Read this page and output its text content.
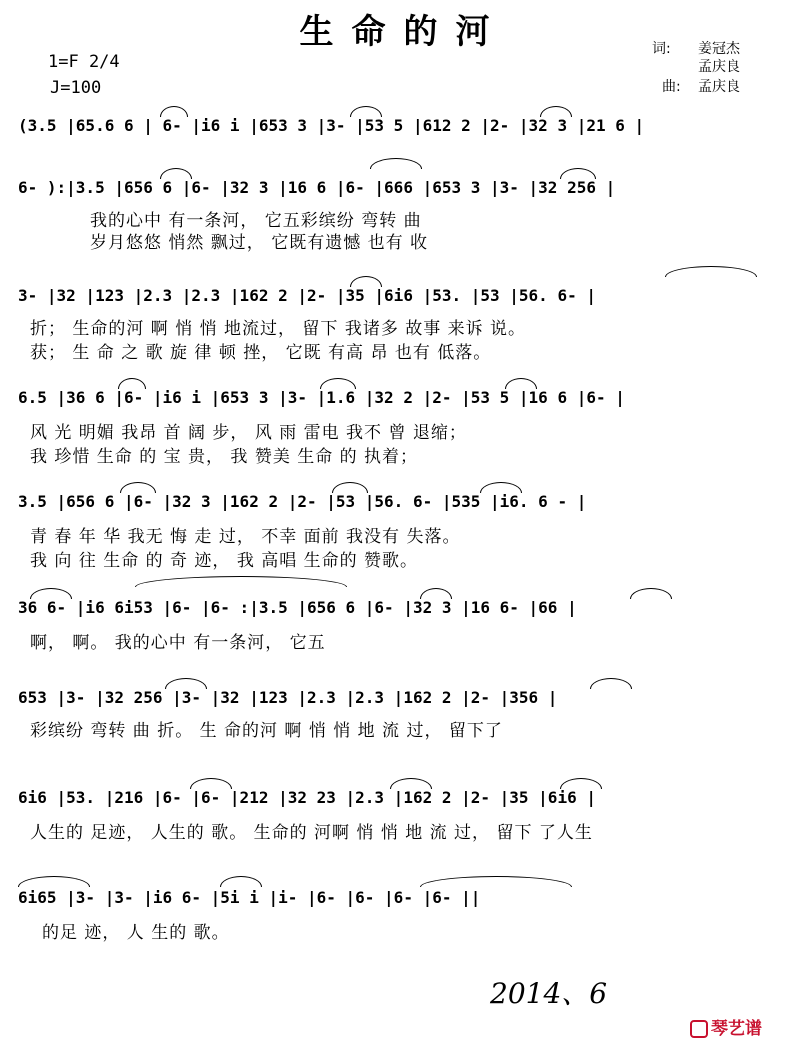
生命的河
1=F 2/4
J=100
词: 姜冠杰
孟庆良
曲: 孟庆良
(3.5 |65.6 6 | 6- |i6 i |653 3 |3- |53 5 |612 2 |2- |32 3 |21 6 |
6- ):|3.5 |656 6 |6- |32 3 |16 6 |6- |666 |653 3 |3- |32 256 |
我的心中 有一条河， 它五彩缤纷 弯转 曲
岁月悠悠 悄然 飘过， 它既有遗憾 也有 收
3- |32 |123 |2.3 |2.3 |162 2 |2- |35 |6i6 |53. |53 |56. 6- |
折； 生命的河 啊 悄 悄 地流过， 留下 我诸多 故事 来诉 说。
获； 生 命 之 歌 旋 律 顿 挫， 它既 有高 昂 也有 低落。
6.5 |36 6 |6- |i6 i |653 3 |3- |1.6 |32 2 |2- |53 5 |16 6 |6- |
风 光 明媚 我昂 首 阔 步， 风 雨 雷电 我不 曾 退缩；
我 珍惜 生命 的 宝 贵， 我 赞美 生命 的 执着；
3.5 |656 6 |6- |32 3 |162 2 |2- |53 |56. 6- |535 |i6. 6 - |
青 春 年 华 我无 悔 走 过， 不幸 面前 我没有 失落。
我 向 往 生命 的 奇 迹， 我 高唱 生命的 赞歌。
36 6- |i6 6i53 |6- |6- :|3.5 |656 6 |6- |32 3 |16 6- |66 |
啊， 啊。 我的心中 有一条河， 它五
653 |3- |32 256 |3- |32 |123 |2.3 |2.3 |162 2 |2- |356 |
彩缤纷 弯转 曲 折。 生 命的河 啊 悄 悄 地 流 过， 留下了
6i6 |53. |216 |6- |6- |212 |32 23 |2.3 |162 2 |2- |35 |6i6 |
人生的 足迹， 人生的 歌。 生命的 河啊 悄 悄 地 流 过， 留下 了人生
6i65 |3- |3- |i6 6- |5i i |i- |6- |6- |6- |6- ||
的足 迹， 人 生的 歌。
2014、6
琴艺谱
